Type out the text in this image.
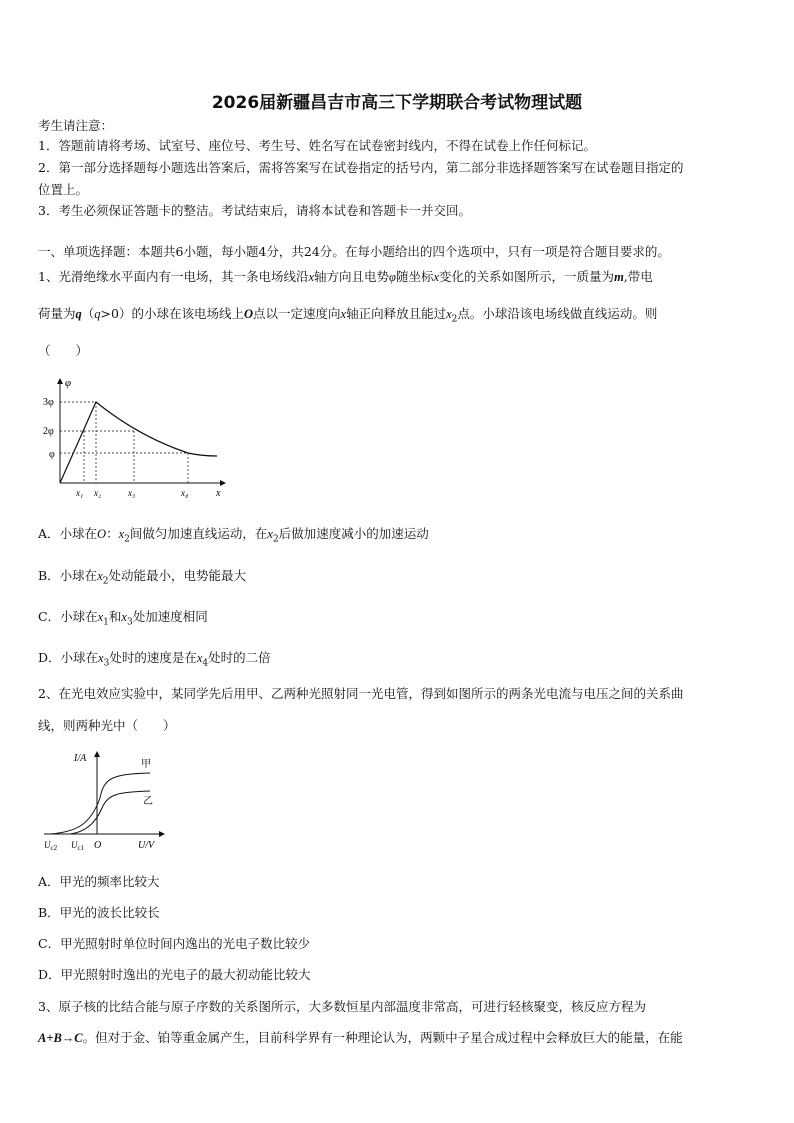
2026届新疆昌吉市高三下学期联合考试物理试题
考生请注意：
1．答题前请将考场、试室号、座位号、考生号、姓名写在试卷密封线内，不得在试卷上作任何标记。
2．第一部分选择题每小题选出答案后，需将答案写在试卷指定的括号内，第二部分非选择题答案写在试卷题目指定的
位置上。
3．考生必须保证答题卡的整洁。考试结束后，请将本试卷和答题卡一并交回。
一、单项选择题：本题共6小题，每小题4分，共24分。在每小题给出的四个选项中，只有一项是符合题目要求的。
1、光滑绝缘水平面内有一电场，其一条电场线沿x轴方向且电势φ随坐标x变化的关系如图所示，一质量为m,带电
荷量为q（q>0）的小球在该电场线上O点以一定速度向x轴正向释放且能过$x_2$点。小球沿该电场线做直线运动。则
（　　）
φ
3φ
2φ
φ
x₁ x₂	x₃	x₄	x
A．小球在O：$x_2$间做匀加速直线运动，在$x_2$后做加速度减小的加速运动
B．小球在$x_2$处动能最小，电势能最大
C．小球在$x_1$和$x_3$处加速度相同
D．小球在$x_3$处时的速度是在$x_4$处时的二倍
2、在光电效应实验中，某同学先后用甲、乙两种光照射同一光电管，得到如图所示的两条光电流与电压之间的关系曲
线，则两种光中（　　）
I/A
甲
乙
$U_{c2}$ $U_{c1}$ O	U/V
A．甲光的频率比较大
B．甲光的波长比较长
C．甲光照射时单位时间内逸出的光电子数比较少
D．甲光照射时逸出的光电子的最大初动能比较大
3、原子核的比结合能与原子序数的关系图所示，大多数恒星内部温度非常高，可进行轻核聚变，核反应方程为
A+B→C。但对于金、铂等重金属产生，目前科学界有一种理论认为，两颗中子星合成过程中会释放巨大的能量，在能
